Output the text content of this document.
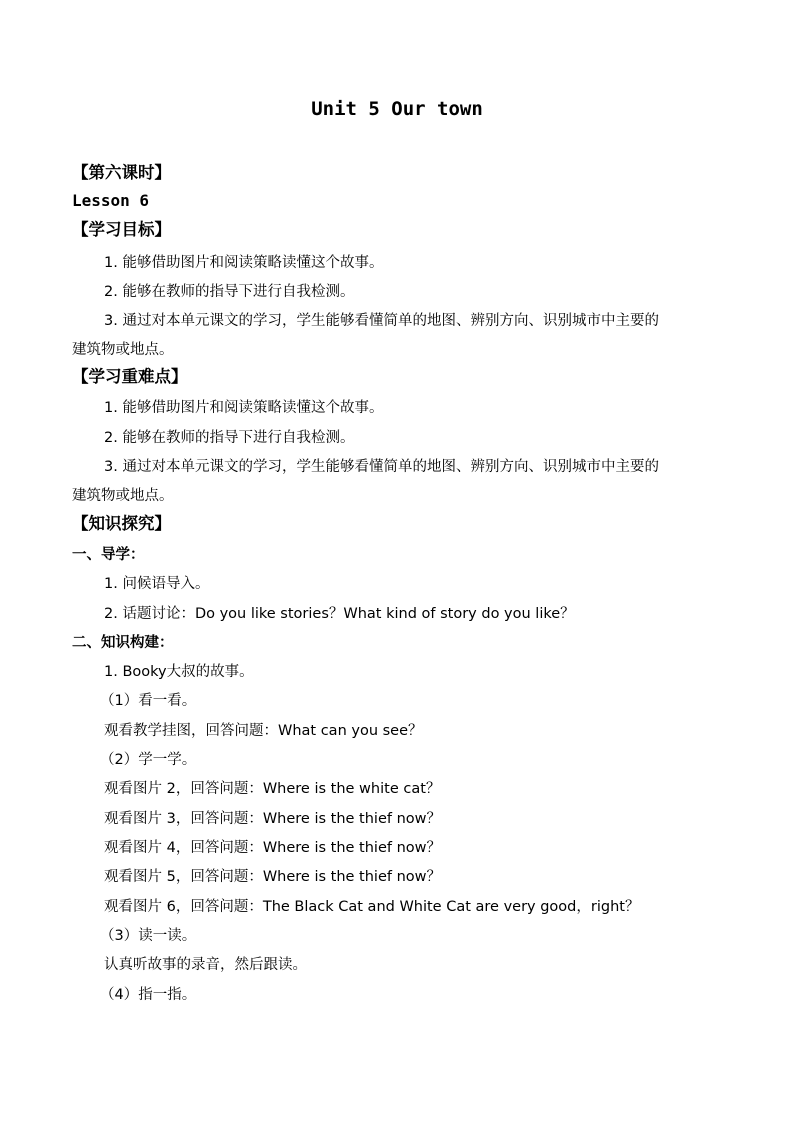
Unit 5 Our town
【第六课时】
Lesson 6
【学习目标】
1. 能够借助图片和阅读策略读懂这个故事。
2. 能够在教师的指导下进行自我检测。
3. 通过对本单元课文的学习，学生能够看懂简单的地图、辨别方向、识别城市中主要的
建筑物或地点。
【学习重难点】
1. 能够借助图片和阅读策略读懂这个故事。
2. 能够在教师的指导下进行自我检测。
3. 通过对本单元课文的学习，学生能够看懂简单的地图、辨别方向、识别城市中主要的
建筑物或地点。
【知识探究】
一、导学：
1. 问候语导入。
2. 话题讨论：Do you like stories？What kind of story do you like？
二、知识构建：
1. Booky大叔的故事。
（1）看一看。
观看教学挂图，回答问题：What can you see？
（2）学一学。
观看图片 2，回答问题：Where is the white cat？
观看图片 3，回答问题：Where is the thief now？
观看图片 4，回答问题：Where is the thief now？
观看图片 5，回答问题：Where is the thief now？
观看图片 6，回答问题：The Black Cat and White Cat are very good，right？
（3）读一读。
认真听故事的录音，然后跟读。
（4）指一指。
